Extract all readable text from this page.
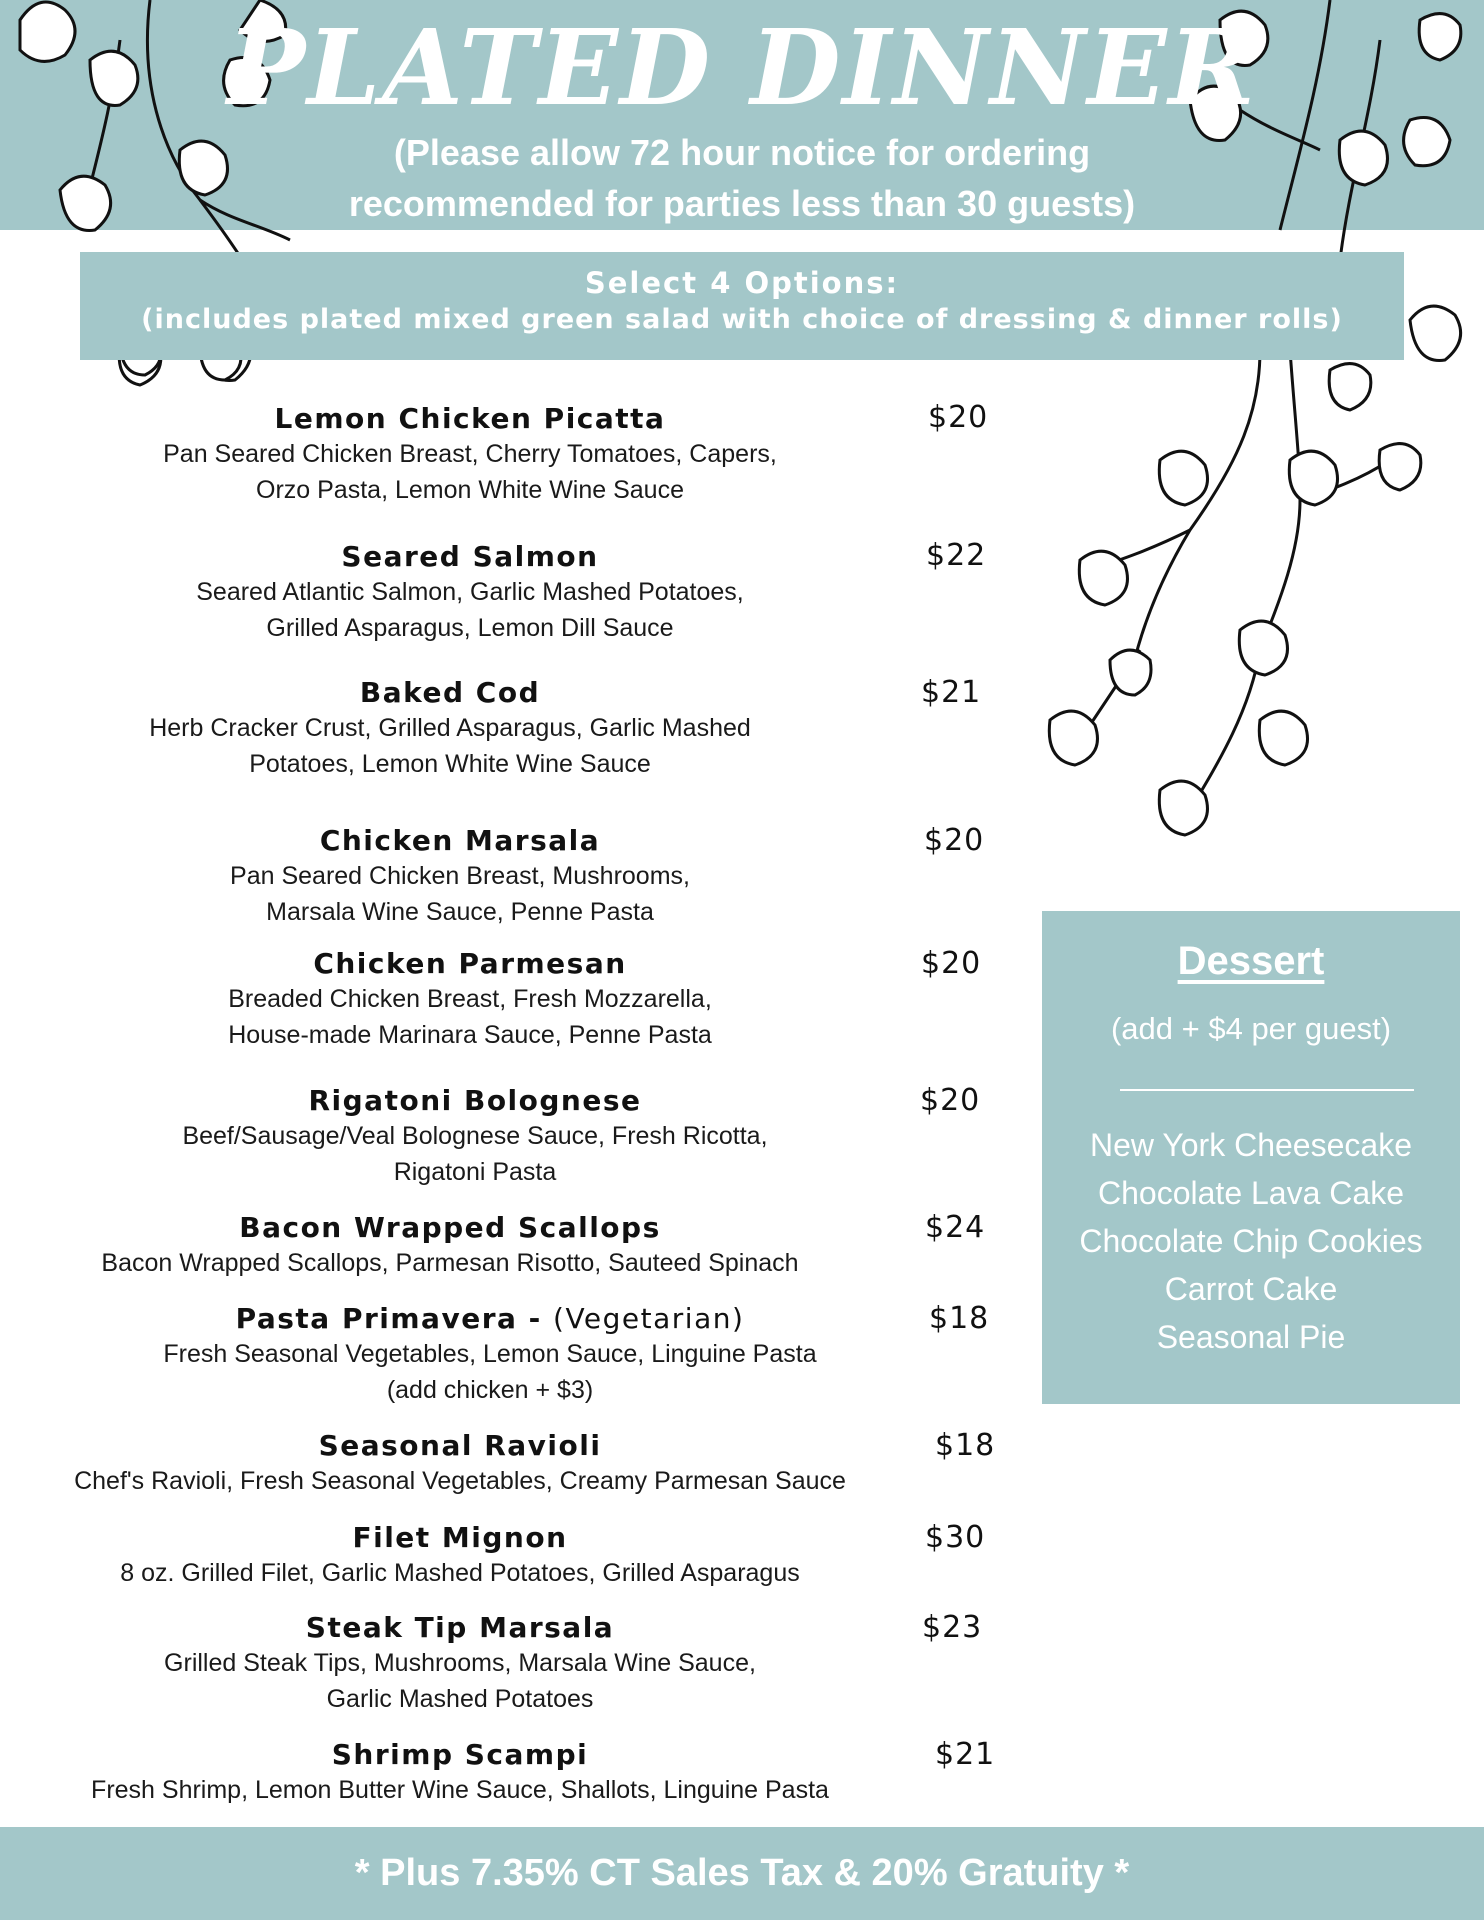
PLATED DINNER
(Please allow 72 hour notice for ordering
recommended for parties less than 30 guests)
Select 4 Options:
(includes plated mixed green salad with choice of dressing & dinner rolls)
Lemon Chicken Picatta
Pan Seared Chicken Breast, Cherry Tomatoes, Capers,
Orzo Pasta, Lemon White Wine Sauce
$20
Seared Salmon
Seared Atlantic Salmon, Garlic Mashed Potatoes,
Grilled Asparagus, Lemon Dill Sauce
$22
Baked Cod
Herb Cracker Crust, Grilled Asparagus, Garlic Mashed
Potatoes, Lemon White Wine Sauce
$21
Chicken Marsala
Pan Seared Chicken Breast, Mushrooms,
Marsala Wine Sauce, Penne Pasta
$20
Chicken Parmesan
Breaded Chicken Breast, Fresh Mozzarella,
House-made Marinara Sauce, Penne Pasta
$20
Rigatoni Bolognese
Beef/Sausage/Veal Bolognese Sauce, Fresh Ricotta,
Rigatoni Pasta
$20
Bacon Wrapped Scallops
Bacon Wrapped Scallops, Parmesan Risotto, Sauteed Spinach
$24
Pasta Primavera - (Vegetarian)
Fresh Seasonal Vegetables, Lemon Sauce, Linguine Pasta
(add chicken + $3)
$18
Seasonal Ravioli
Chef's Ravioli, Fresh Seasonal Vegetables, Creamy Parmesan Sauce
$18
Filet Mignon
8 oz. Grilled Filet, Garlic Mashed Potatoes, Grilled Asparagus
$30
Steak Tip Marsala
Grilled Steak Tips, Mushrooms, Marsala Wine Sauce,
Garlic Mashed Potatoes
$23
Shrimp Scampi
Fresh Shrimp, Lemon Butter Wine Sauce, Shallots, Linguine Pasta
$21
Dessert
(add + $4 per guest)
New York Cheesecake
Chocolate Lava Cake
Chocolate Chip Cookies
Carrot Cake
Seasonal Pie
* Plus 7.35% CT Sales Tax & 20% Gratuity *
